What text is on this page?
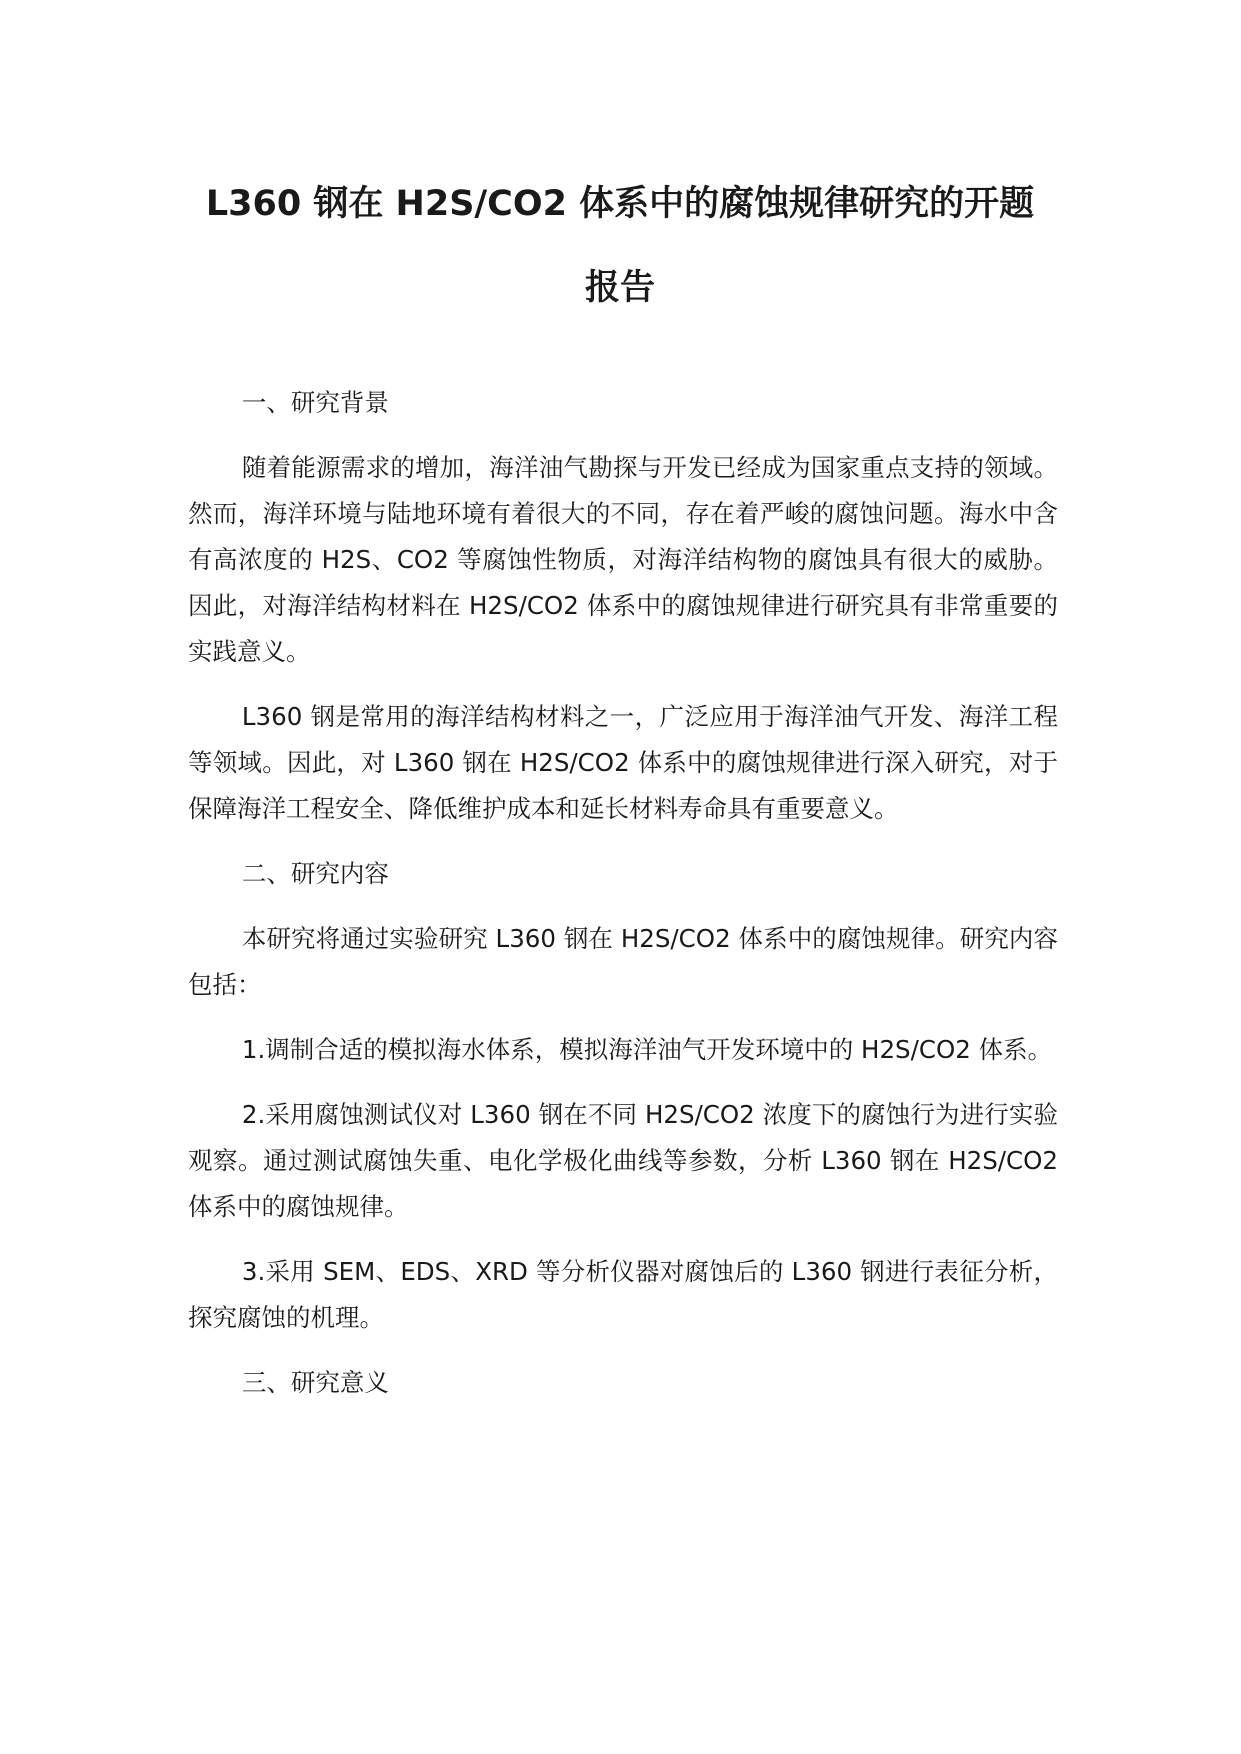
L360 钢在 H2S/CO2 体系中的腐蚀规律研究的开题
报告
一、研究背景

随着能源需求的增加，海洋油气勘探与开发已经成为国家重点支持的领域。然而，海洋环境与陆地环境有着很大的不同，存在着严峻的腐蚀问题。海水中含有高浓度的 H2S、CO2 等腐蚀性物质，对海洋结构物的腐蚀具有很大的威胁。因此，对海洋结构材料在 H2S/CO2 体系中的腐蚀规律进行研究具有非常重要的实践意义。

L360 钢是常用的海洋结构材料之一，广泛应用于海洋油气开发、海洋工程等领域。因此，对 L360 钢在 H2S/CO2 体系中的腐蚀规律进行深入研究，对于保障海洋工程安全、降低维护成本和延长材料寿命具有重要意义。

二、研究内容

本研究将通过实验研究 L360 钢在 H2S/CO2 体系中的腐蚀规律。研究内容包括：

1.调制合适的模拟海水体系，模拟海洋油气开发环境中的 H2S/CO2 体系。

2.采用腐蚀测试仪对 L360 钢在不同 H2S/CO2 浓度下的腐蚀行为进行实验观察。通过测试腐蚀失重、电化学极化曲线等参数，分析 L360 钢在 H2S/CO2 体系中的腐蚀规律。

3.采用 SEM、EDS、XRD 等分析仪器对腐蚀后的 L360 钢进行表征分析，探究腐蚀的机理。

三、研究意义
